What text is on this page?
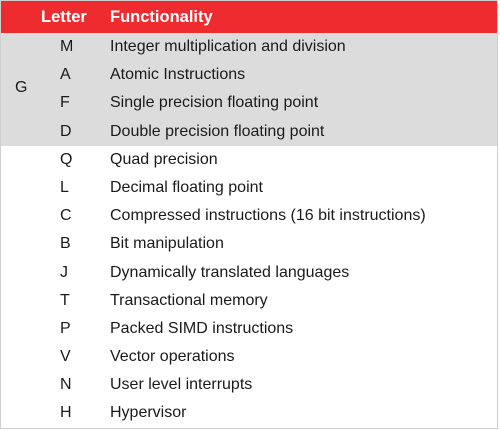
Letter Functionality
G
M	Integer multiplication and division
A	Atomic Instructions
F	Single precision floating point
D	Double precision floating point
Q	Quad precision
L	Decimal floating point
C	Compressed instructions (16 bit instructions)
B	Bit manipulation
J	Dynamically translated languages
T	Transactional memory
P	Packed SIMD instructions
V	Vector operations
N	User level interrupts
H	Hypervisor
